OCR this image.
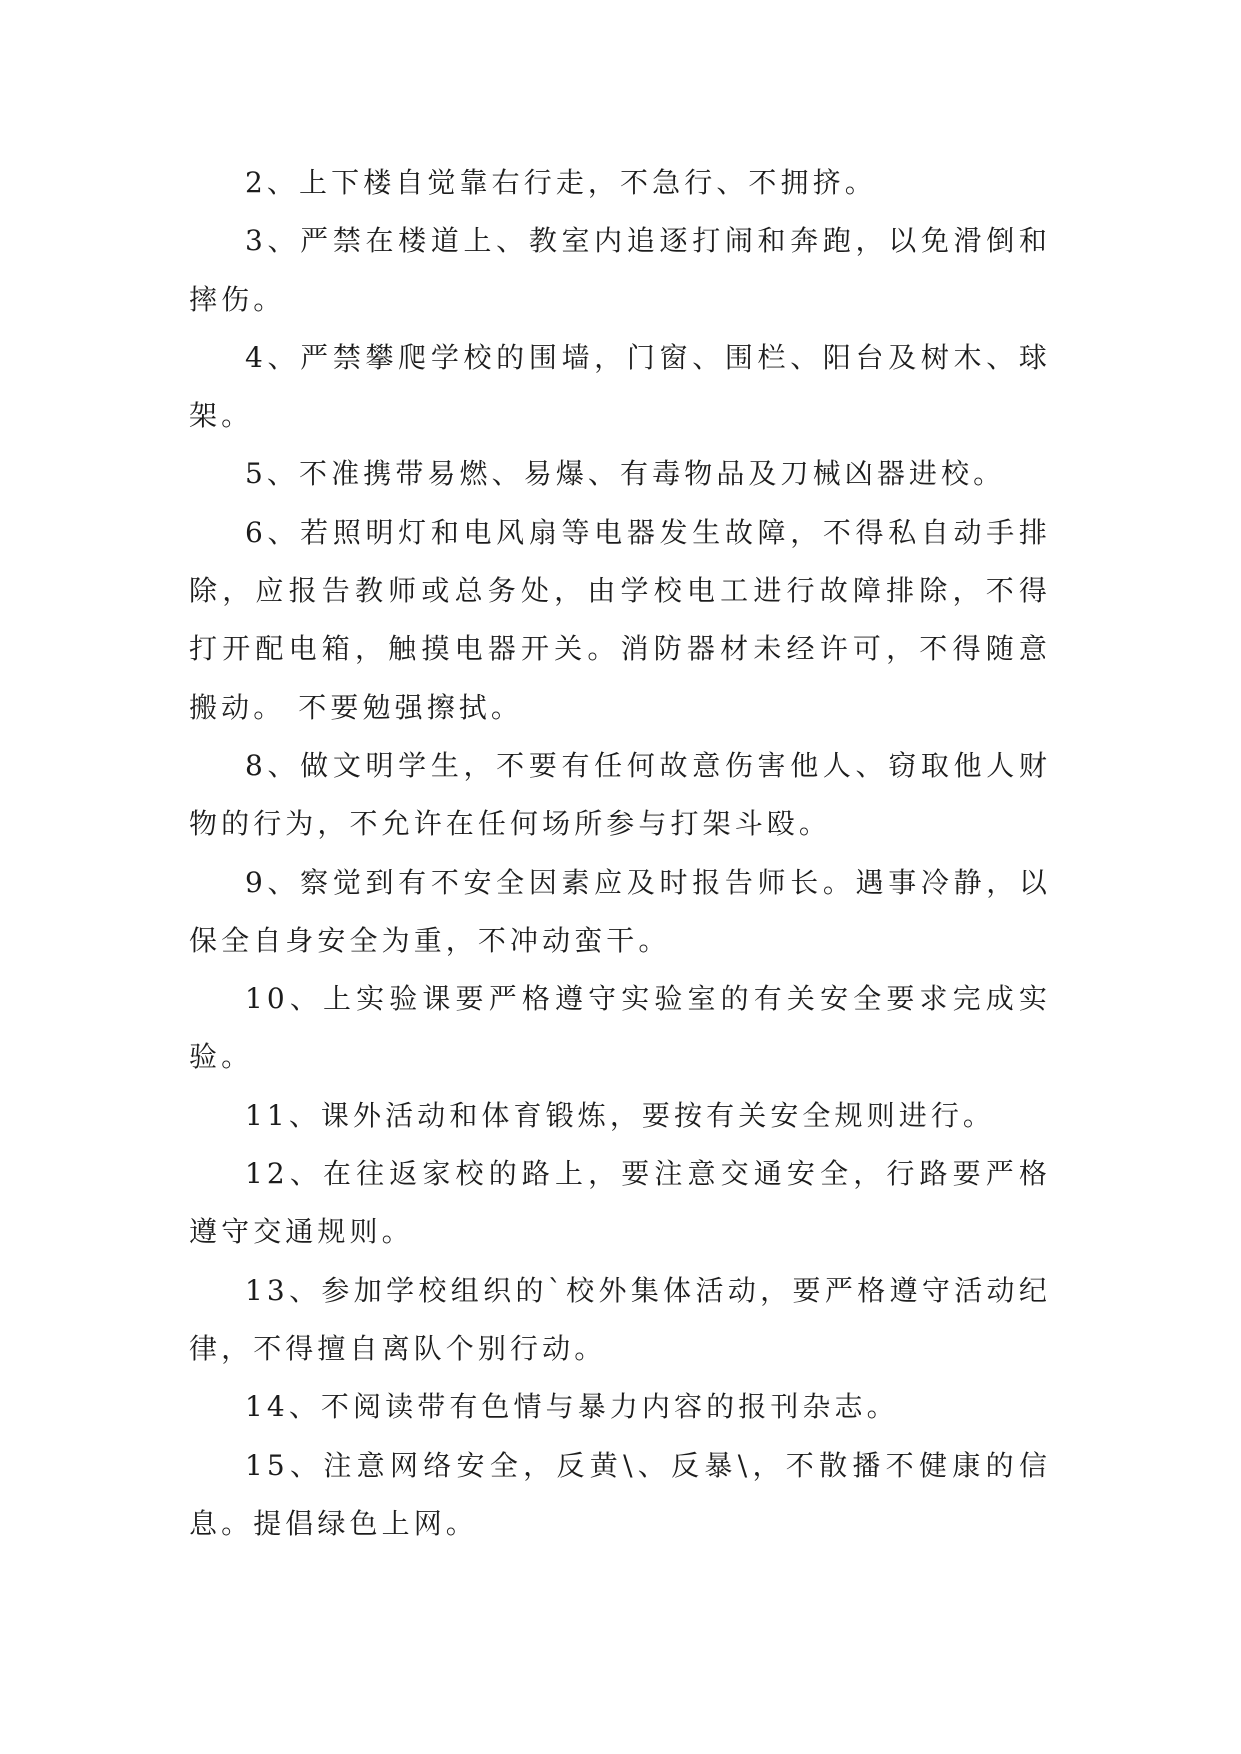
2、上下楼自觉靠右行走，不急行、不拥挤。

3、严禁在楼道上、教室内追逐打闹和奔跑，以免滑倒和摔伤。

4、严禁攀爬学校的围墙，门窗、围栏、阳台及树木、球架。

5、不准携带易燃、易爆、有毒物品及刀械凶器进校。

6、若照明灯和电风扇等电器发生故障，不得私自动手排除，应报告教师或总务处，由学校电工进行故障排除，不得打开配电箱，触摸电器开关。消防器材未经许可，不得随意搬动。 不要勉强擦拭。

8、做文明学生，不要有任何故意伤害他人、窃取他人财物的行为，不允许在任何场所参与打架斗殴。

9、察觉到有不安全因素应及时报告师长。遇事冷静，以保全自身安全为重，不冲动蛮干。

10、上实验课要严格遵守实验室的有关安全要求完成实验。

11、课外活动和体育锻炼，要按有关安全规则进行。

12、在往返家校的路上，要注意交通安全，行路要严格遵守交通规则。

13、参加学校组织的`校外集体活动，要严格遵守活动纪律，不得擅自离队个别行动。

14、不阅读带有色情与暴力内容的报刊杂志。

15、注意网络安全，反黄\、反暴\，不散播不健康的信息。提倡绿色上网。
